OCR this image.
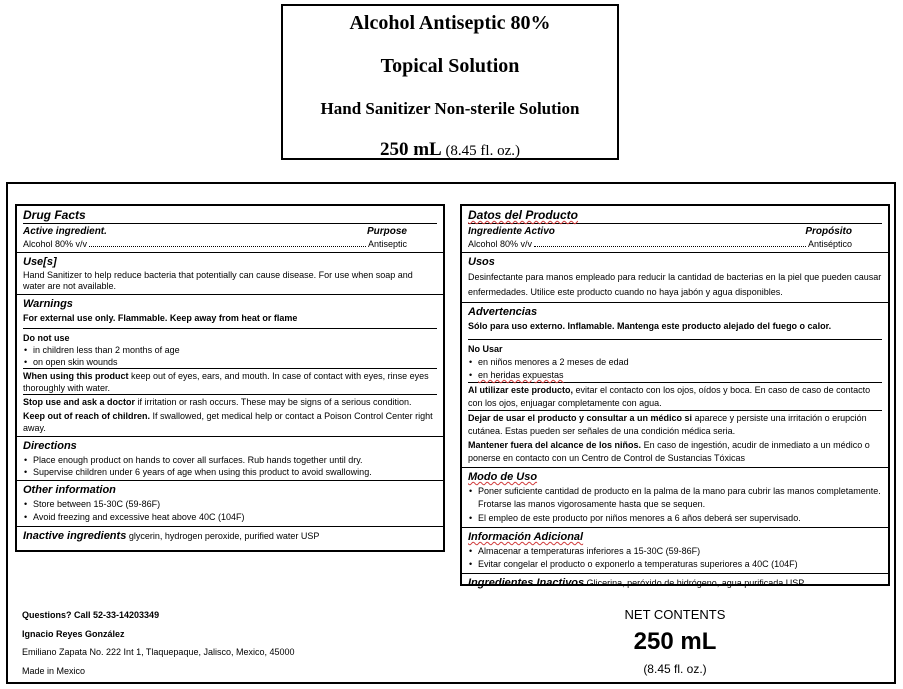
Alcohol Antiseptic 80%
Topical Solution
Hand Sanitizer Non-sterile Solution
250 mL (8.45 fl. oz.)
Drug Facts
Active ingredient.	Purpose
Alcohol 80% v/v	Antiseptic
Use[s]
Hand Sanitizer to help reduce bacteria that potentially can cause disease. For use when soap and water are not available.
Warnings
For external use only. Flammable. Keep away from heat or flame
Do not use
• in children less than 2 months of age
• on open skin wounds
When using this product keep out of eyes, ears, and mouth. In case of contact with eyes, rinse eyes thoroughly with water.
Stop use and ask a doctor if irritation or rash occurs. These may be signs of a serious condition.
Keep out of reach of children. If swallowed, get medical help or contact a Poison Control Center right away.
Directions
• Place enough product on hands to cover all surfaces. Rub hands together until dry.
• Supervise children under 6 years of age when using this product to avoid swallowing.
Other information
• Store between 15-30C (59-86F)
• Avoid freezing and excessive heat above 40C (104F)
Inactive ingredients glycerin, hydrogen peroxide, purified water USP
Datos del Producto
Ingrediente Activo	Propósito
Alcohol 80% v/v	Antiséptico
Usos
Desinfectante para manos empleado para reducir la cantidad de bacterias en la piel que pueden causar enfermedades. Utilice este producto cuando no haya jabón y agua disponibles.
Advertencias
Sólo para uso externo. Inflamable. Mantenga este producto alejado del fuego o calor.
No Usar
• en niños menores a 2 meses de edad
• en heridas expuestas
Al utilizar este producto, evitar el contacto con los ojos, oídos y boca. En caso de caso de contacto con los ojos, enjuagar completamente con agua.
Dejar de usar el producto y consultar a un médico si aparece y persiste una irritación o erupción cutánea. Estas pueden ser señales de una condición médica seria.
Mantener fuera del alcance de los niños. En caso de ingestión, acudir de inmediato a un médico o ponerse en contacto con un Centro de Control de Sustancias Tóxicas
Modo de Uso
• Poner suficiente cantidad de producto en la palma de la mano para cubrir las manos completamente. Frotarse las manos vigorosamente hasta que se sequen.
• El empleo de este producto por niños menores a 6 años deberá ser supervisado.
Información Adicional
• Almacenar a temperaturas inferiores a 15-30C (59-86F)
• Evitar congelar el producto o exponerlo a temperaturas superiores a 40C (104F)
Ingredientes Inactivos Glicerina, peróxido de hidrógeno, agua purificada USP
Questions? Call 52-33-14203349
Ignacio Reyes González
Emiliano Zapata No. 222 Int 1, Tlaquepaque, Jalisco, Mexico, 45000
Made in Mexico
NET CONTENTS
250 mL
(8.45 fl. oz.)
